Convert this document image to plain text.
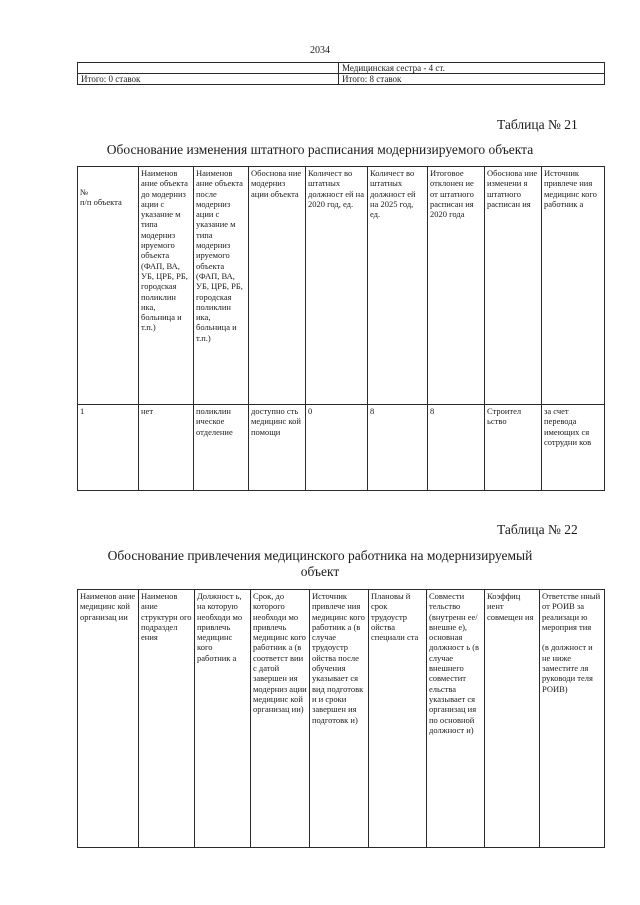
2034
	Медицинская сестра - 4 ст.
Итого: 0 ставок	Итого: 8 ставок
Таблица № 21
Обоснование изменения штатного расписания модернизируемого объекта
№
п/п объекта	Наименов ание объекта до модерниз ации с указание м типа модерниз ируемого объекта (ФАП, ВА, УБ, ЦРБ, РБ, городская поликлин ика, больница и т.п.)	Наименов ание объекта после модерниз ации с указание м типа модерниз ируемого объекта (ФАП, ВА, УБ, ЦРБ, РБ, городская поликлин ика, больница и т.п.)	Обоснова ние модерниз ации объекта	Количест во штатных должност ей на 2020 год, ед.	Количест во штатных должност ей на 2025 год, ед.	Итоговое отклонен ие от штатного расписан ия 2020 года	Обоснова ние изменени я штатного расписан ия	Источник привлече ния медицинс кого работник а
1	нет	поликлин ическое отделение	доступно сть медицинс кой помощи	0	8	8	Строител ьство	за счет перевода имеющих ся сотрудни ков
Таблица № 22
Обоснование привлечения медицинского работника на модернизируемый
объект
Наименов ание медицинс кой организац ии	Наименов ание структурн ого подраздел ения	Должност ь, на которую необходи мо привлечь медицинс кого работник а	Срок, до которого необходи мо привлечь медицинс кого работник а (в соответст вии с датой завершен ия модерниз ации медицинс кой организац ии)	Источник привлече ния медицинс кого работник а (в случае трудоустр ойства после обучения указывает ся вид подготовк и и сроки завершен ия подготовк и)	Плановы й срок трудоустр ойства специали ста	Совмести тельство (внутренн ее/внешне е), основная должност ь (в случае внешнего совместит ельства указывает ся организац ия по основной должност и)	Коэффиц иент совмещен ия	Ответстве нный от РОИВ за реализаци ю мероприя тия

(в должност и не ниже заместите ля руководи теля РОИВ)
